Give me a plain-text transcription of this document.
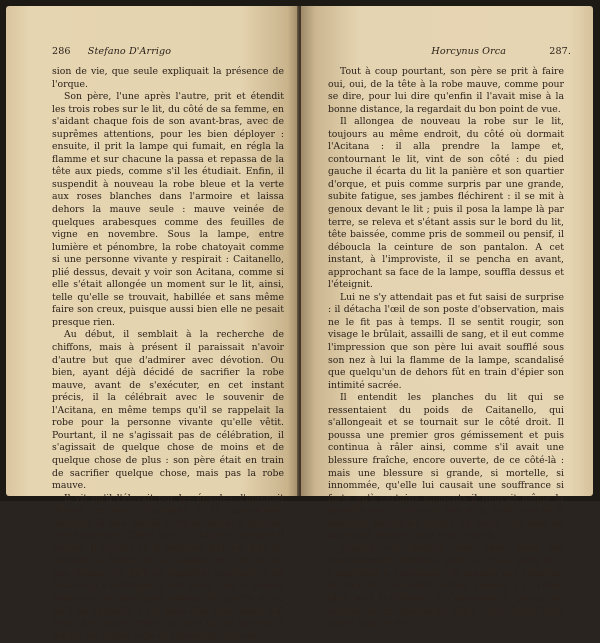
286 Stefano D'Arrigo

sion de vie, que seule expliquait la présence de l'orque.

Son père, l'une après l'autre, prit et étendit les trois robes sur le lit, du côté de sa femme, en s'aidant chaque fois de son avant-bras, avec de suprêmes attentions, pour les bien déployer : ensuite, il prit la lampe qui fumait, en régla la flamme et sur chacune la passa et repassa de la tête aux pieds, comme s'il les étudiait. Enfin, il suspendit à nouveau la robe bleue et la verte aux roses blanches dans l'armoire et laissa dehors la mauve seule : mauve veinée de quelques arabesques comme des feuilles de vigne en novembre. Sous la lampe, entre lumière et pénombre, la robe chatoyait comme si une personne vivante y respirait : Caitanello, plié dessus, devait y voir son Acitana, comme si elle s'était allongée un moment sur le lit, ainsi, telle qu'elle se trouvait, habillée et sans même faire son creux, puisque aussi bien elle ne pesait presque rien.

Au début, il semblait à la recherche de chiffons, mais à présent il paraissait n'avoir d'autre but que d'admirer avec dévotion. Ou bien, ayant déjà décidé de sacrifier la robe mauve, avant de s'exécuter, en cet instant précis, il la célébrait avec le souvenir de l'Acitana, en même temps qu'il se rappelait la robe pour la personne vivante qu'elle vêtit. Pourtant, il ne s'agissait pas de célébration, il s'agissait de quelque chose de moins et de quelque chose de plus : son père était en train de sacrifier quelque chose, mais pas la robe mauve.

Il vit qu'il l'élevait par les épaules, l'amenait devant ses yeux, l'éloignait et la rapprochait, inclinant la tête, tantôt à droite, tantôt à gauche, très lentement. Cette fois il la sacrifia, pensait-il encore. Il calcule où la déchirer d'abord. Elle lui rappelle sa femme et par suggestion il en est un peu retenu. Ce qu'il se rappelle, pourtant, a dû beaucoup s'estomper à ses yeux, tant d'années passèrent en quelques années de guerre et ce qu'il se rappelle n'est peut-être plus assez vif, assez fort, pour arrêter la main qui se hasarde à mettre en pièces robe et silhouette mauves.

Horcynus Orca	287.

Tout à coup pourtant, son père se prit à faire oui, oui, de la tête à la robe mauve, comme pour se dire, pour lui dire qu'enfin il l'avait mise à la bonne distance, la regardait du bon point de vue.

Il allongea de nouveau la robe sur le lit, toujours au même endroit, du côté où dormait l'Acitana : il alla prendre la lampe et, contournant le lit, vint de son côté : du pied gauche il écarta du lit la panière et son quartier d'orque, et puis comme surpris par une grande, subite fatigue, ses jambes fléchirent : il se mit à genoux devant le lit ; puis il posa la lampe là par terre, se releva et s'étant assis sur le bord du lit, tête baissée, comme pris de sommeil ou pensif, il déboucla la ceinture de son pantalon. A cet instant, à l'improviste, il se pencha en avant, approchant sa face de la lampe, souffla dessus et l'éteignit.

Lui ne s'y attendait pas et fut saisi de surprise : il détacha l'œil de son poste d'observation, mais ne le fit pas à temps. Il se sentit rougir, son visage le brûlait, assailli de sang, et il eut comme l'impression que son père lui avait soufflé sous son nez à lui la flamme de la lampe, scandalisé que quelqu'un de dehors fût en train d'épier son intimité sacrée.

Il entendit les planches du lit qui se ressentaient du poids de Caitanello, qui s'allongeait et se tournait sur le côté droit. Il poussa une premier gros gémissement et puis continua à râler ainsi, comme s'il avait une blessure fraîche, encore ouverte, de ce côté-là : mais une blessure si grande, si mortelle, si innommée, qu'elle lui causait une souffrance si forte qu'à certains moments il pouvait même la prendre pour du plaisir. Son père, voilà, loin de la déchirer paraissait entrer de toute son âme en adoration devant cette robe mauve.

Jusqu'à cet instant, son père avait été complètement nouveau pour lui, mais alors qu'il s'apprêtait à contourner la maison sur l'éperon, la voix de Caitanello éclata comme s'il n'était plus seul là-dedans. Il s'adressait à quelqu'un, comme si ce quelqu'un était resté jusqu'alors caché dans le noir :
